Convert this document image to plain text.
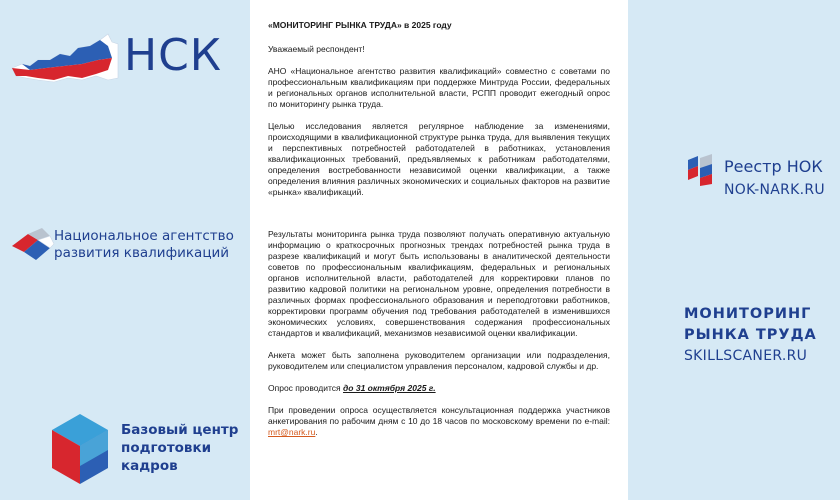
НСК
Национальное агентство
развития квалификаций
Базовый центр
подготовки
кадров

«МОНИТОРИНГ РЫНКА ТРУДА» в 2025 году

Уважаемый респондент!

АНО «Национальное агентство развития квалификаций» совместно с советами по профессиональным квалификациям при поддержке Минтруда России, федеральных и региональных органов исполнительной власти, РСПП проводит ежегодный опрос по мониторингу рынка труда.

Целью исследования является регулярное наблюдение за изменениями, происходящими в квалификационной структуре рынка труда, для выявления текущих и перспективных потребностей работодателей в работниках, установления квалификационных требований, предъявляемых к работникам работодателями, определения востребованности независимой оценки квалификации, а также определения влияния различных экономических и социальных факторов на развитие «рынка» квалификаций.

Результаты мониторинга рынка труда позволяют получать оперативную актуальную информацию о краткосрочных прогнозных трендах потребностей рынка труда в разрезе квалификаций и могут быть использованы в аналитической деятельности советов по профессиональным квалификациям, федеральных и региональных органов исполнительной власти, работодателей для корректировки планов по развитию кадровой политики на региональном уровне, определения потребности в различных формах профессионального образования и переподготовки работников, корректировки программ обучения под требования работодателей в изменившихся экономических условиях, совершенствования содержания профессиональных стандартов и квалификаций, механизмов независимой оценки квалификации.

Анкета может быть заполнена руководителем организации или подразделения, руководителем или специалистом управления персоналом, кадровой службы и др.

Опрос проводится до 31 октября 2025 г.

При проведении опроса осуществляется консультационная поддержка участников анкетирования по рабочим дням с 10 до 18 часов по московскому времени по e-mail: mrt@nark.ru.

Реестр НОК
NOK-NARK.RU
МОНИТОРИНГ
РЫНКА ТРУДА
SKILLSCANER.RU
